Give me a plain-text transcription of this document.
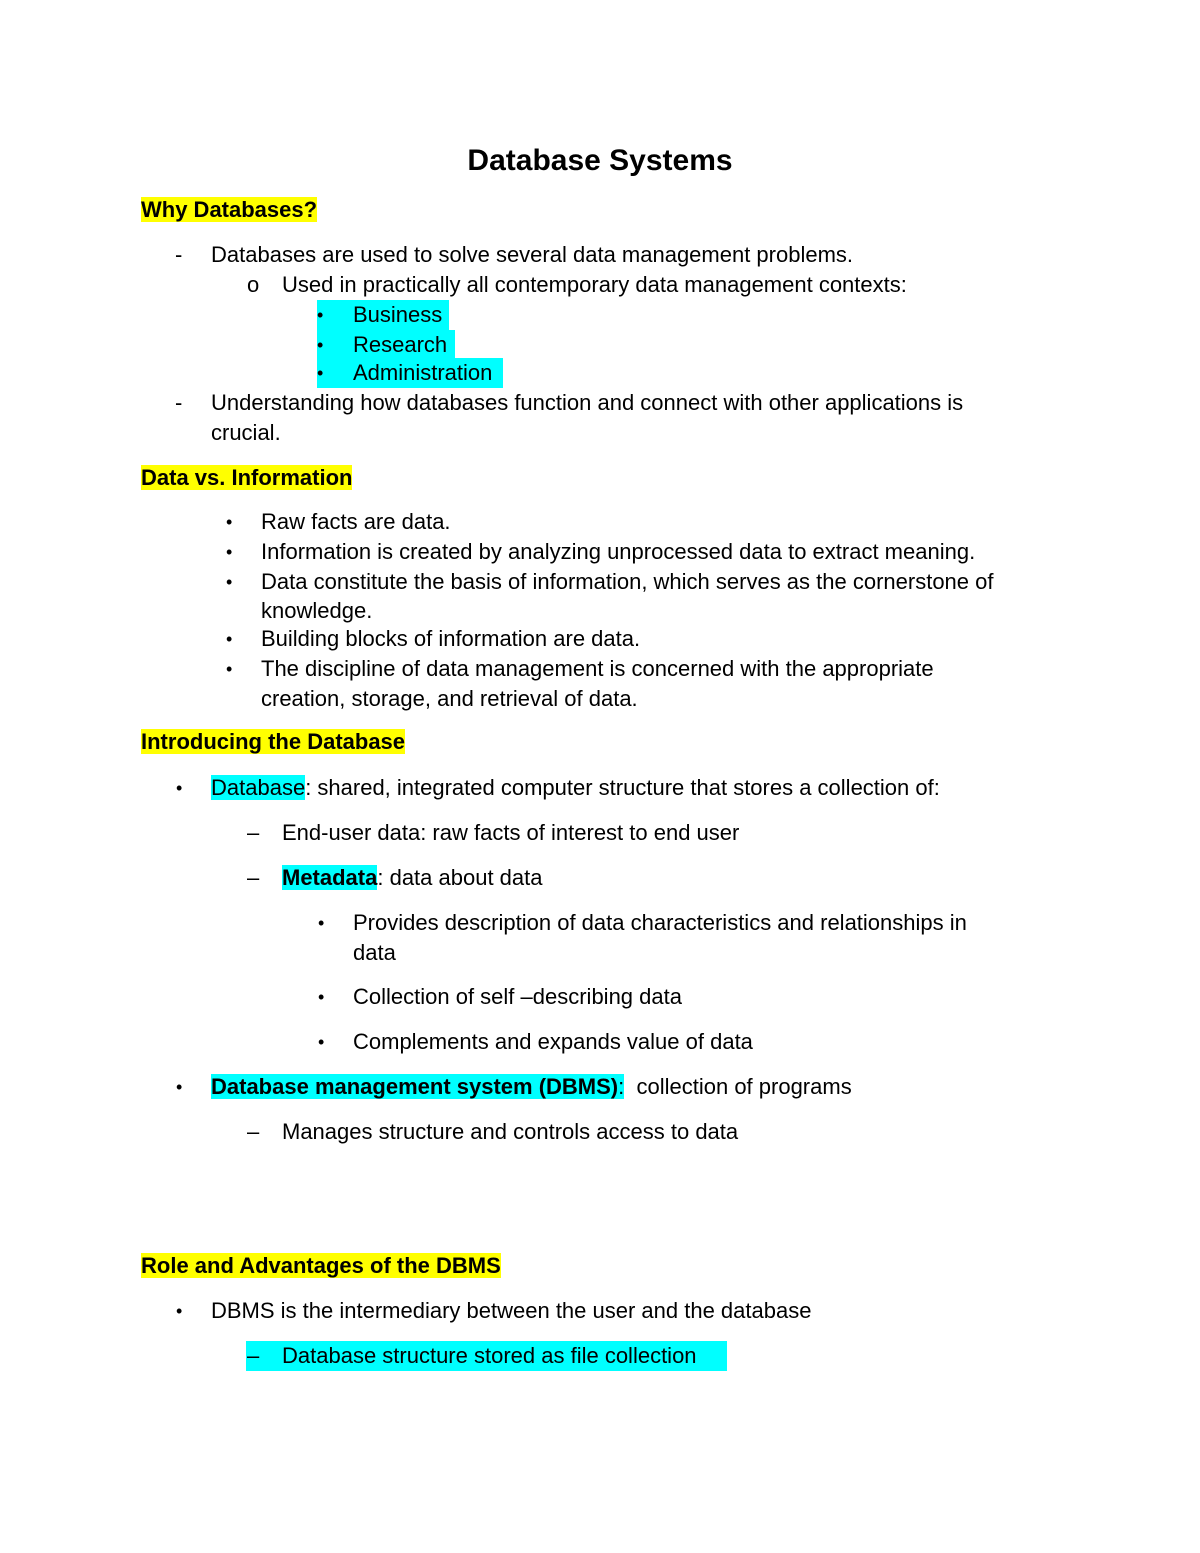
Database Systems
Why Databases?
- Databases are used to solve several data management problems.
o Used in practically all contemporary data management contexts:
• Business
• Research
• Administration
- Understanding how databases function and connect with other applications is
crucial.
Data vs. Information
• Raw facts are data.
• Information is created by analyzing unprocessed data to extract meaning.
• Data constitute the basis of information, which serves as the cornerstone of
knowledge.
• Building blocks of information are data.
• The discipline of data management is concerned with the appropriate
creation, storage, and retrieval of data.
Introducing the Database
• Database: shared, integrated computer structure that stores a collection of:
– End-user data: raw facts of interest to end user
– Metadata: data about data
• Provides description of data characteristics and relationships in
data
• Collection of self –describing data
• Complements and expands value of data
• Database management system (DBMS):  collection of programs
– Manages structure and controls access to data
Role and Advantages of the DBMS
• DBMS is the intermediary between the user and the database
– Database structure stored as file collection
